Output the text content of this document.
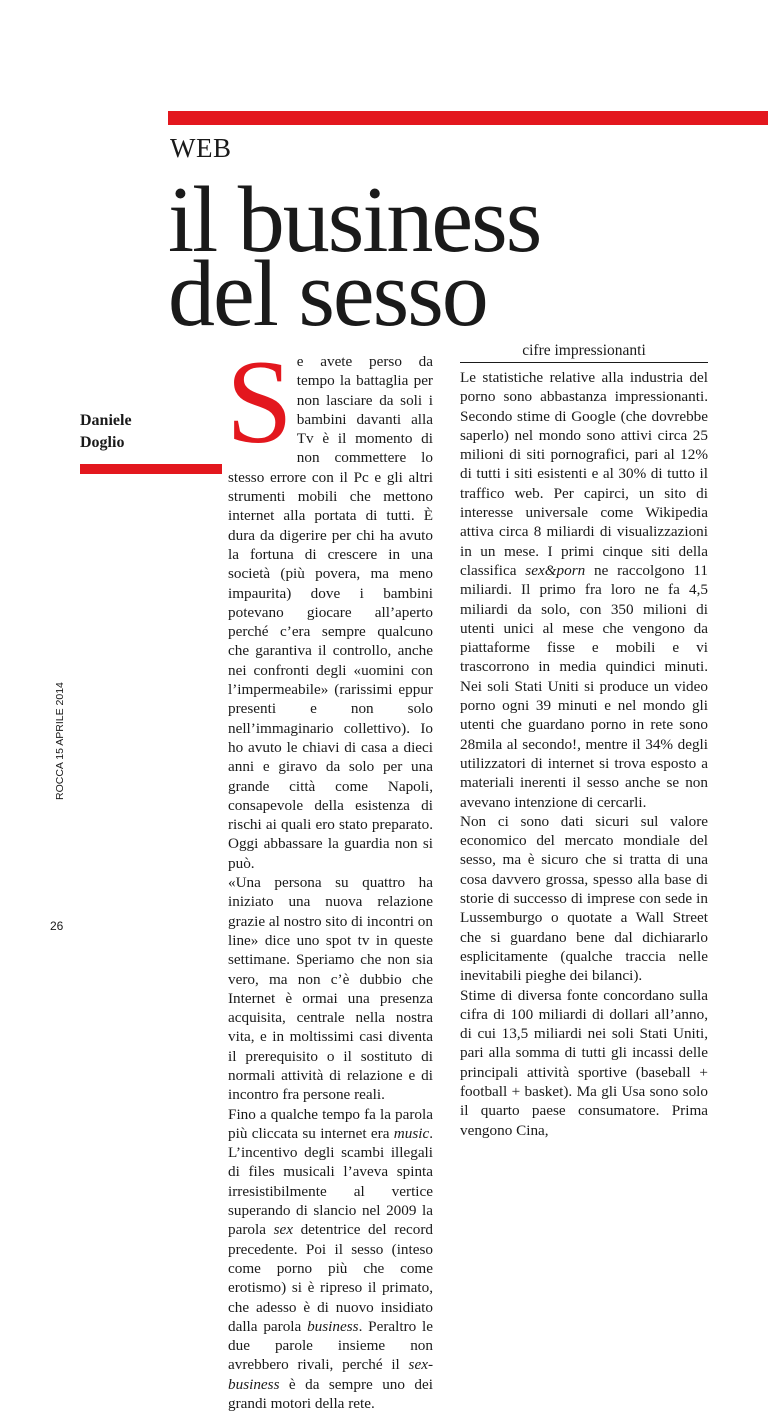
WEB
il business
del sesso
Daniele
Doglio
ROCCA 15 APRILE 2014
26
S e avete perso da tempo la battaglia per non lasciare da soli i bambini davanti alla Tv è il momento di non commettere lo stesso errore con il Pc e gli altri strumenti mobili che mettono internet alla portata di tutti. È dura da digerire per chi ha avuto la fortuna di crescere in una società (più povera, ma meno impaurita) dove i bambini potevano giocare all’aperto perché c’era sempre qualcuno che garantiva il controllo, anche nei confronti degli «uomini con l’impermeabile» (rarissimi eppur presenti e non solo nell’immaginario collettivo). Io ho avuto le chiavi di casa a dieci anni e giravo da solo per una grande città come Napoli, consapevole della esistenza di rischi ai quali ero stato preparato. Oggi abbassare la guardia non si può.

«Una persona su quattro ha iniziato una nuova relazione grazie al nostro sito di incontri on line» dice uno spot tv in queste settimane. Speriamo che non sia vero, ma non c’è dubbio che Internet è ormai una presenza acquisita, centrale nella nostra vita, e in moltissimi casi diventa il prerequisito o il sostituto di normali attività di relazione e di incontro fra persone reali.

Fino a qualche tempo fa la parola più cliccata su internet era music. L’incentivo degli scambi illegali di files musicali l’aveva spinta irresistibilmente al vertice superando di slancio nel 2009 la parola sex detentrice del record precedente. Poi il sesso (inteso come porno più che come erotismo) si è ripreso il primato, che adesso è di nuovo insidiato dalla parola business. Peraltro le due parole insieme non avrebbero rivali, perché il sex-business è da sempre uno dei grandi motori della rete.

cifre impressionanti

Le statistiche relative alla industria del porno sono abbastanza impressionanti. Secondo stime di Google (che dovrebbe saperlo) nel mondo sono attivi circa 25 milioni di siti pornografici, pari al 12% di tutti i siti esistenti e al 30% di tutto il traffico web. Per capirci, un sito di interesse universale come Wikipedia attiva circa 8 miliardi di visualizzazioni in un mese. I primi cinque siti della classifica sex&porn ne raccolgono 11 miliardi. Il primo fra loro ne fa 4,5 miliardi da solo, con 350 milioni di utenti unici al mese che vengono da piattaforme fisse e mobili e vi trascorrono in media quindici minuti. Nei soli Stati Uniti si produce un video porno ogni 39 minuti e nel mondo gli utenti che guardano porno in rete sono 28mila al secondo!, mentre il 34% degli utilizzatori di internet si trova esposto a materiali inerenti il sesso anche se non avevano intenzione di cercarli.

Non ci sono dati sicuri sul valore economico del mercato mondiale del sesso, ma è sicuro che si tratta di una cosa davvero grossa, spesso alla base di storie di successo di imprese con sede in Lussemburgo o quotate a Wall Street che si guardano bene dal dichiararlo esplicitamente (qualche traccia nelle inevitabili pieghe dei bilanci).

Stime di diversa fonte concordano sulla cifra di 100 miliardi di dollari all’anno, di cui 13,5 miliardi nei soli Stati Uniti, pari alla somma di tutti gli incassi delle principali attività sportive (baseball + football + basket). Ma gli Usa sono solo il quarto paese consumatore. Prima vengono Cina,
